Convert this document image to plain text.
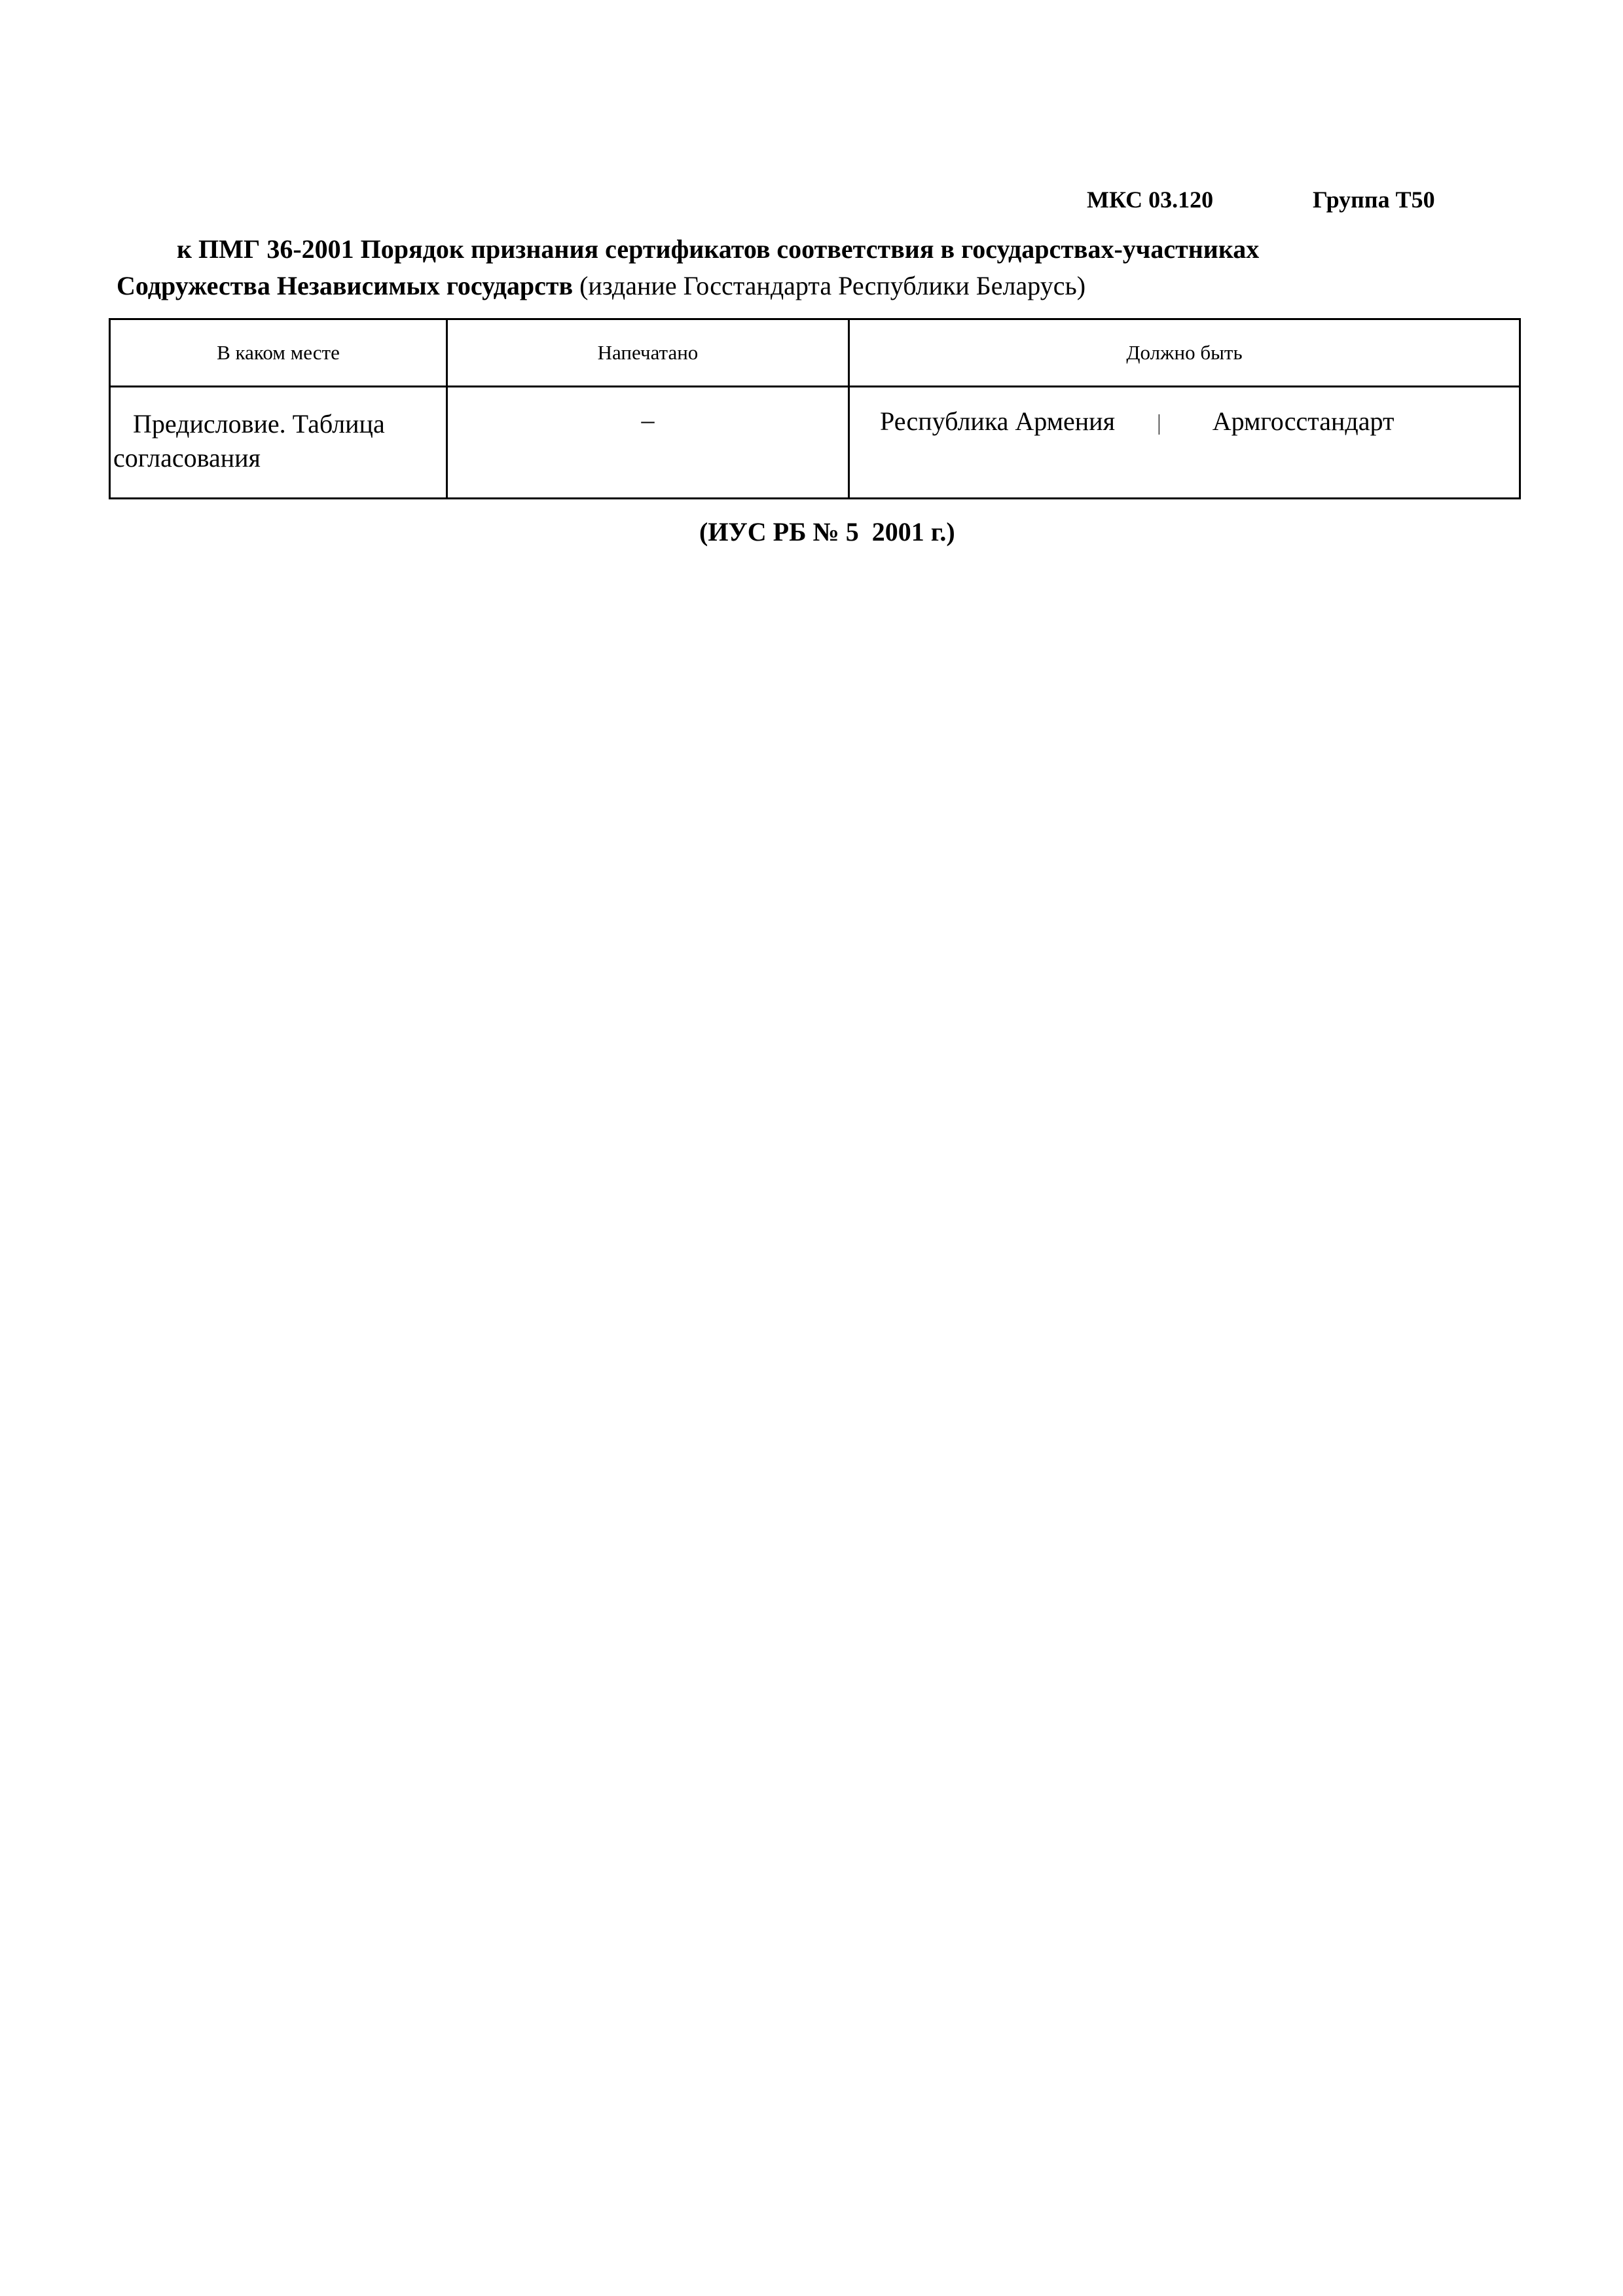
МКС 03.120	Группа Т50
к ПМГ 36-2001 Порядок признания сертификатов соответствия в государствах-участниках
Содружества Независимых государств (издание Госстандарта Республики Беларусь)
В каком месте	Напечатано	Должно быть

Предисловие. Таблица
согласования	–	Республика Армения | Армгосстандарт
(ИУС РБ № 5  2001 г.)
